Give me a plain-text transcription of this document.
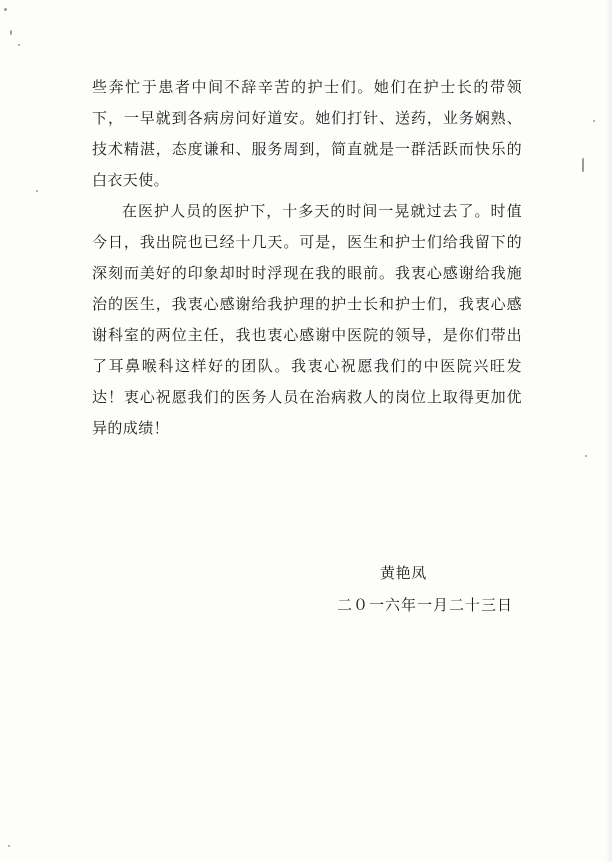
些奔忙于患者中间不辞辛苦的护士们。她们在护士长的带领下，一早就到各病房问好道安。她们打针、送药，业务娴熟、技术精湛，态度谦和、服务周到，简直就是一群活跃而快乐的白衣天使。

在医护人员的医护下，十多天的时间一晃就过去了。时值今日，我出院也已经十几天。可是，医生和护士们给我留下的深刻而美好的印象却时时浮现在我的眼前。我衷心感谢给我施治的医生，我衷心感谢给我护理的护士长和护士们，我衷心感谢科室的两位主任，我也衷心感谢中医院的领导，是你们带出了耳鼻喉科这样好的团队。我衷心祝愿我们的中医院兴旺发达！衷心祝愿我们的医务人员在治病救人的岗位上取得更加优异的成绩！

黄艳凤
二０一六年一月二十三日
